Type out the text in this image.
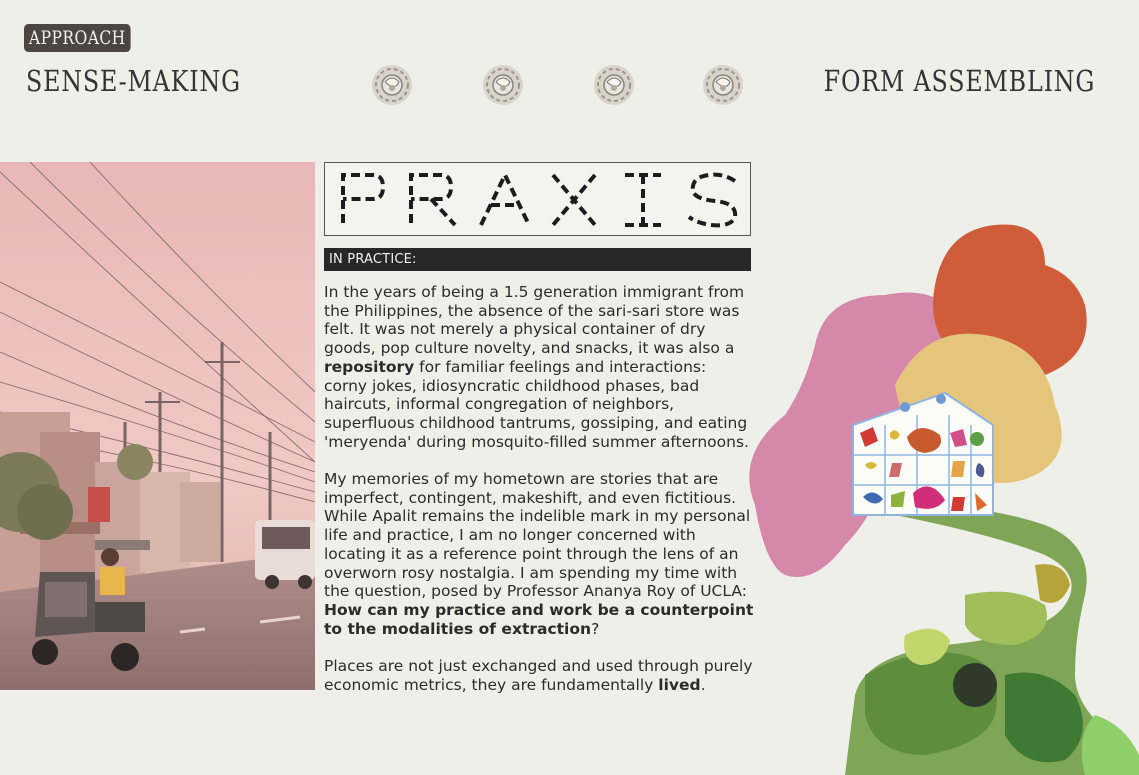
APPROACH
SENSE-MAKING	FORM ASSEMBLING
IN PRACTICE:

In the years of being a 1.5 generation immigrant from the Philippines, the absence of the sari-sari store was felt. It was not merely a physical container of dry goods, pop culture novelty, and snacks, it was also a repository for familiar feelings and interactions: corny jokes, idiosyncratic childhood phases, bad haircuts, informal congregation of neighbors, superfluous childhood tantrums, gossiping, and eating 'meryenda' during mosquito-filled summer afternoons.

My memories of my hometown are stories that are imperfect, contingent, makeshift, and even fictitious. While Apalit remains the indelible mark in my personal life and practice, I am no longer concerned with locating it as a reference point through the lens of an overworn rosy nostalgia. I am spending my time with the question, posed by Professor Ananya Roy of UCLA: How can my practice and work be a counterpoint to the modalities of extraction?

Places are not just exchanged and used through purely economic metrics, they are fundamentally lived.
